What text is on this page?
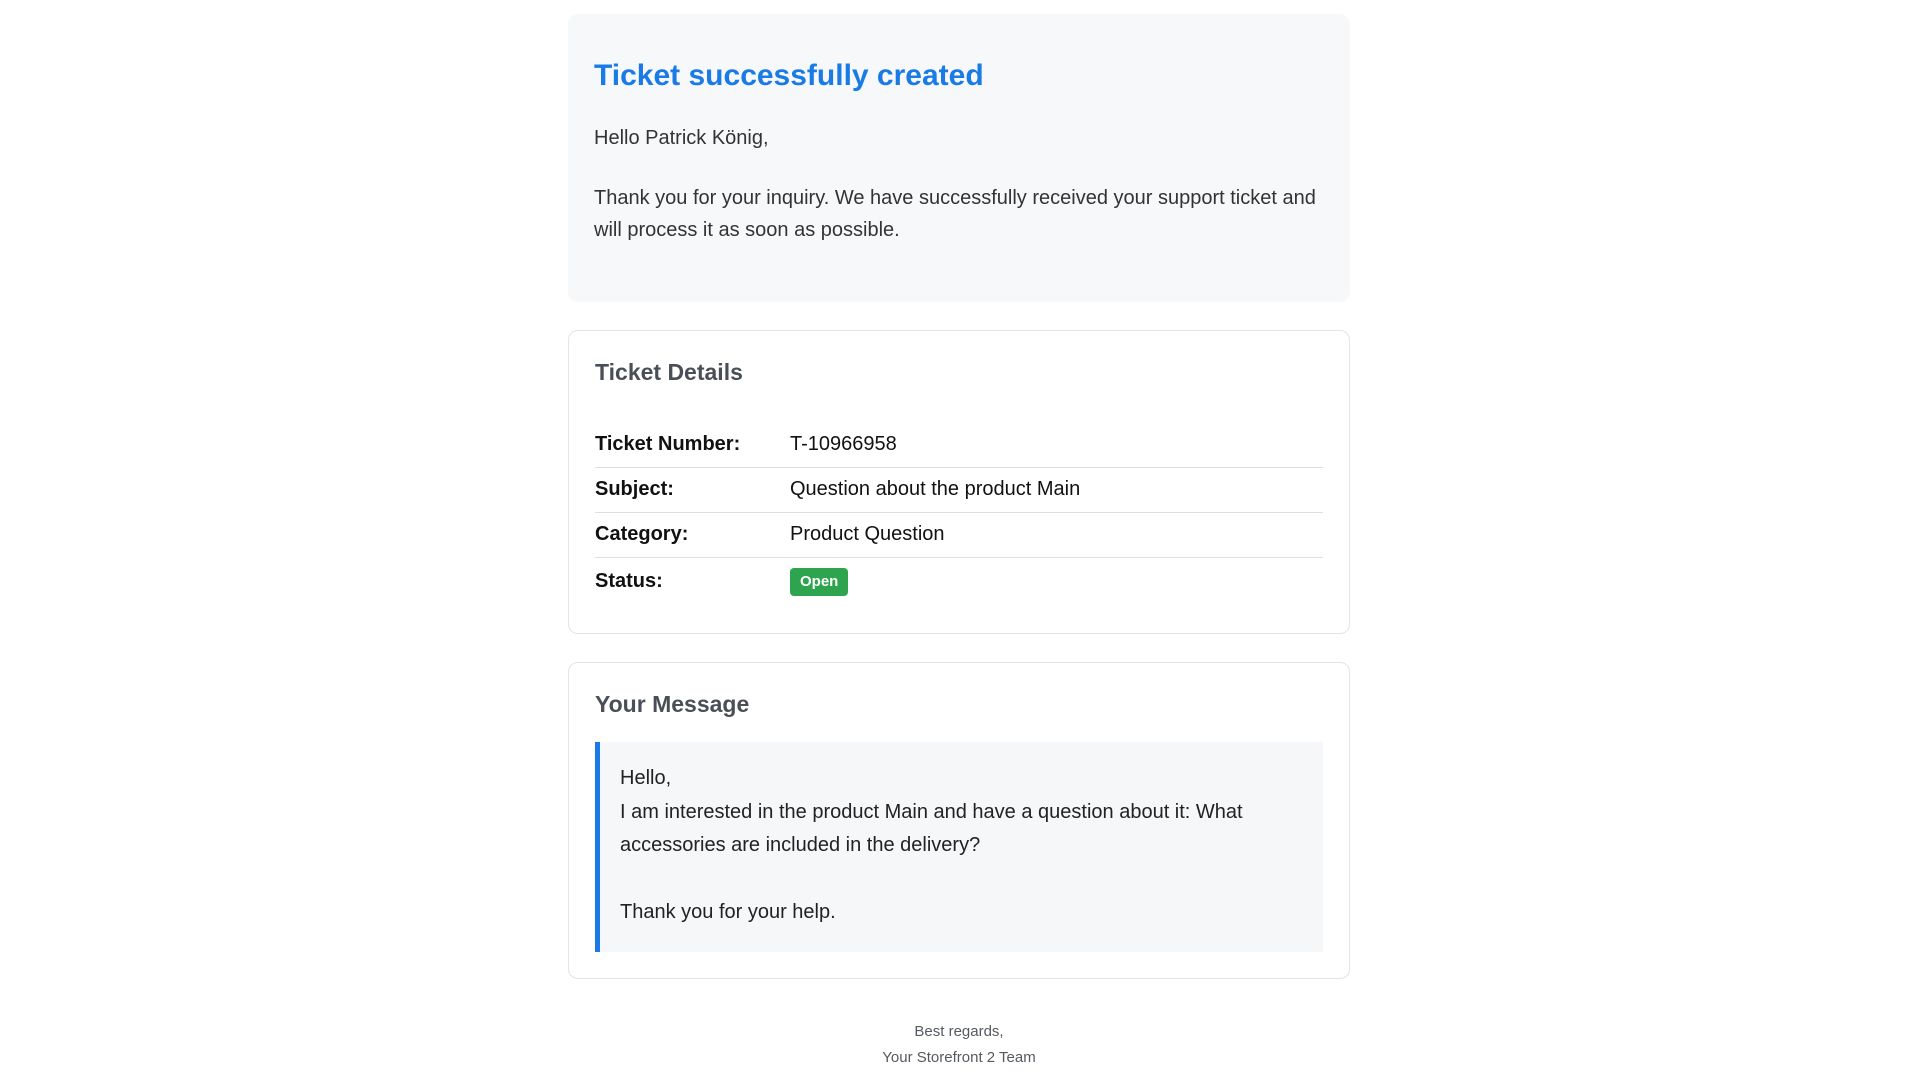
Ticket successfully created

Hello Patrick König,

Thank you for your inquiry. We have successfully received your support ticket and will process it as soon as possible.

Ticket Details
Ticket Number:	T-10966958
Subject:	Question about the product Main
Category:	Product Question
Status:	Open
Your Message

Hello,

I am interested in the product Main and have a question about it: What accessories are included in the delivery?

Thank you for your help.

Best regards,
Your Storefront 2 Team
